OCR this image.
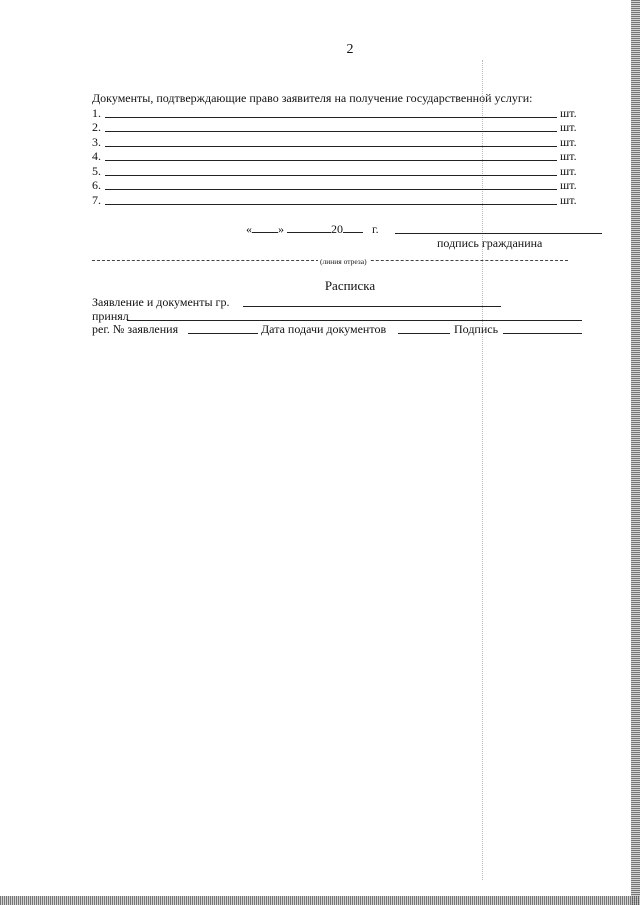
2
Документы, подтверждающие право заявителя на получение государственной услуги:
1.	шт.
2.	шт.
3.	шт.
4.	шт.
5.	шт.
6.	шт.
7.	шт.
« »	20 г.
подпись гражданина
(линия отреза)
Расписка
Заявление и документы гр.
принял
рег. № заявления	Дата подачи документов	Подпись
